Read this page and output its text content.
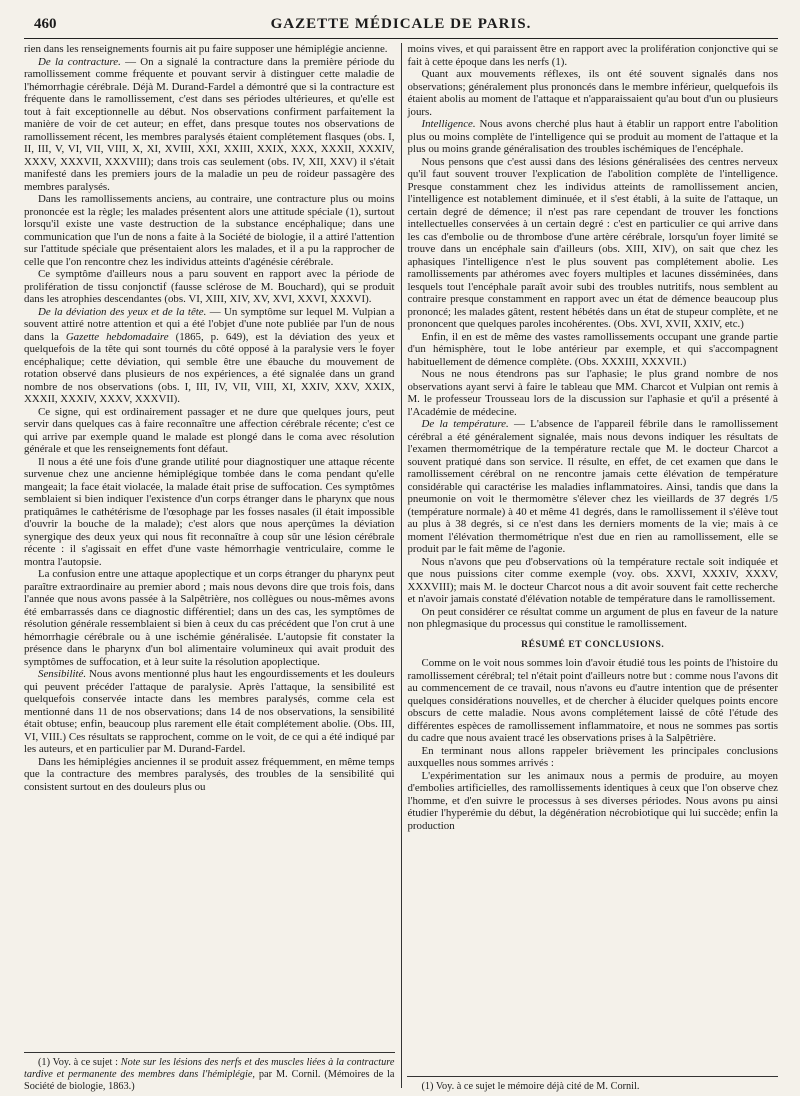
460	GAZETTE MÉDICALE DE PARIS.

rien dans les renseignements fournis ait pu faire supposer une hémiplégie ancienne.

De la contracture. — On a signalé la contracture dans la première période du ramollissement comme fréquente et pouvant servir à distinguer cette maladie de l'hémorrhagie cérébrale. Déjà M. Durand-Fardel a démontré que si la contracture est fréquente dans le ramollissement, c'est dans ses périodes ultérieures, et qu'elle est tout à fait exceptionnelle au début. Nos observations confirment parfaitement la manière de voir de cet auteur; en effet, dans presque toutes nos observations de ramollissement récent, les membres paralysés étaient complétement flasques (obs. I, II, III, V, VI, VII, VIII, X, XI, XVIII, XXI, XXIII, XXIX, XXX, XXXII, XXXIV, XXXV, XXXVII, XXXVIII); dans trois cas seulement (obs. IV, XII, XXV) il s'était manifesté dans les premiers jours de la maladie un peu de roideur passagère des membres paralysés.

Dans les ramollissements anciens, au contraire, une contracture plus ou moins prononcée est la règle; les malades présentent alors une attitude spéciale (1), surtout lorsqu'il existe une vaste destruction de la substance encéphalique; dans une communication que l'un de nons a faite à la Société de biologie, il a attiré l'attention sur l'attitude spéciale que présentaient alors les malades, et il a pu la rapprocher de celle que l'on rencontre chez les individus atteints d'agénésie cérébrale.

Ce symptôme d'ailleurs nous a paru souvent en rapport avec la période de prolifération de tissu conjonctif (fausse sclérose de M. Bouchard), qui se produit dans les atrophies descendantes (obs. VI, XIII, XIV, XV, XVI, XXVI, XXXVI).

De la déviation des yeux et de la tête. — Un symptôme sur lequel M. Vulpian a souvent attiré notre attention et qui a été l'objet d'une note publiée par l'un de nous dans la Gazette hebdomadaire (1865, p. 649), est la déviation des yeux et quelquefois de la tête qui sont tournés du côté opposé à la paralysie vers le foyer encéphalique; cette déviation, qui semble être une ébauche du mouvement de rotation observé dans plusieurs de nos expériences, a été signalée dans un grand nombre de nos observations (obs. I, III, IV, VII, VIII, XI, XXIV, XXV, XXIX, XXXII, XXXIV, XXXV, XXXVII).

Ce signe, qui est ordinairement passager et ne dure que quelques jours, peut servir dans quelques cas à faire reconnaître une affection cérébrale récente; c'est ce qui arrive par exemple quand le malade est plongé dans le coma avec résolution générale et que les renseignements font défaut.

Il nous a été une fois d'une grande utilité pour diagnostiquer une attaque récente survenue chez une ancienne hémiplégique tombée dans le coma pendant qu'elle mangeait; la face était violacée, la malade était prise de suffocation. Ces symptômes semblaient si bien indiquer l'existence d'un corps étranger dans le pharynx que nous pratiquâmes le cathétérisme de l'œsophage par les fosses nasales (il était impossible d'ouvrir la bouche de la malade); c'est alors que nous aperçûmes la déviation synergique des deux yeux qui nous fit reconnaître à coup sûr une lésion cérébrale récente : il s'agissait en effet d'une vaste hémorrhagie ventriculaire, comme le montra l'autopsie.

La confusion entre une attaque apoplectique et un corps étranger du pharynx peut paraître extraordinaire au premier abord ; mais nous devons dire que trois fois, dans l'année que nous avons passée à la Salpêtrière, nos collègues ou nous-mêmes avons été embarrassés dans ce diagnostic différentiel; dans un des cas, les symptômes de résolution générale ressemblaient si bien à ceux du cas précédent que l'on crut à une hémorrhagie cérébrale ou à une ischémie généralisée. L'autopsie fit constater la présence dans le pharynx d'un bol alimentaire volumineux qui avait produit des symptômes de suffocation, et à leur suite la résolution apoplectique.

Sensibilité. Nous avons mentionné plus haut les engourdissements et les douleurs qui peuvent précéder l'attaque de paralysie. Après l'attaque, la sensibilité est quelquefois conservée intacte dans les membres paralysés, comme cela est mentionné dans 11 de nos observations; dans 14 de nos observations, la sensibilité était obtuse; enfin, beaucoup plus rarement elle était complétement abolie. (Obs. III, VI, VIII.) Ces résultats se rapprochent, comme on le voit, de ce qui a été indiqué par les auteurs, et en particulier par M. Durand-Fardel.

Dans les hémiplégies anciennes il se produit assez fréquemment, en même temps que la contracture des membres paralysés, des troubles de la sensibilité qui consistent surtout en des douleurs plus ou

(1) Voy. à ce sujet : Note sur les lésions des nerfs et des muscles liées à la contracture tardive et permanente des membres dans l'hémiplégie, par M. Cornil. (Mémoires de la Société de biologie, 1863.)

moins vives, et qui paraissent être en rapport avec la prolifération conjonctive qui se fait à cette époque dans les nerfs (1).

Quant aux mouvements réflexes, ils ont été souvent signalés dans nos observations; généralement plus prononcés dans le membre inférieur, quelquefois ils étaient abolis au moment de l'attaque et n'apparaissaient qu'au bout d'un ou plusieurs jours.

Intelligence. Nous avons cherché plus haut à établir un rapport entre l'abolition plus ou moins complète de l'intelligence qui se produit au moment de l'attaque et la plus ou moins grande généralisation des troubles ischémiques de l'encéphale.

Nous pensons que c'est aussi dans des lésions généralisées des centres nerveux qu'il faut souvent trouver l'explication de l'abolition complète de l'intelligence. Presque constamment chez les individus atteints de ramollissement ancien, l'intelligence est notablement diminuée, et il s'est établi, à la suite de l'attaque, un certain degré de démence; il n'est pas rare cependant de trouver les fonctions intellectuelles conservées à un certain degré : c'est en particulier ce qui arrive dans les cas d'embolie ou de thrombose d'une artère cérébrale, lorsqu'un foyer limité se trouve dans un encéphale sain d'ailleurs (obs. XIII, XIV), on sait que chez les aphasiques l'intelligence n'est le plus souvent pas complétement abolie. Les ramollissements par athéromes avec foyers multiples et lacunes disséminées, dans lesquels tout l'encéphale paraît avoir subi des troubles nutritifs, nous semblent au contraire presque constamment en rapport avec un état de démence beaucoup plus prononcé; les malades gâtent, restent hébétés dans un état de stupeur complète, et ne prononcent que quelques paroles incohérentes. (Obs. XVI, XVII, XXIV, etc.)

Enfin, il en est de même des vastes ramollissements occupant une grande partie d'un hémisphère, tout le lobe antérieur par exemple, et qui s'accompagnent habituellement de démence complète. (Obs. XXXIII, XXXVII.)

Nous ne nous étendrons pas sur l'aphasie; le plus grand nombre de nos observations ayant servi à faire le tableau que MM. Charcot et Vulpian ont remis à M. le professeur Trousseau lors de la discussion sur l'aphasie et qu'il a présenté à l'Académie de médecine.

De la température. — L'absence de l'appareil fébrile dans le ramollissement cérébral a été généralement signalée, mais nous devons indiquer les résultats de l'examen thermométrique de la température rectale que M. le docteur Charcot a souvent pratiqué dans son service. Il résulte, en effet, de cet examen que dans le ramollissement cérébral on ne rencontre jamais cette élévation de température considérable qui caractérise les maladies inflammatoires. Ainsi, tandis que dans la pneumonie on voit le thermomètre s'élever chez les vieillards de 37 degrés 1/5 (température normale) à 40 et même 41 degrés, dans le ramollissement il s'élève tout au plus à 38 degrés, si ce n'est dans les derniers moments de la vie; mais à ce moment l'élévation thermométrique n'est due en rien au ramollissement, elle se produit par le fait même de l'agonie.

Nous n'avons que peu d'observations où la température rectale soit indiquée et que nous puissions citer comme exemple (voy. obs. XXVI, XXXIV, XXXV, XXXVIII); mais M. le docteur Charcot nous a dit avoir souvent fait cette recherche et n'avoir jamais constaté d'élévation notable de température dans le ramollissement.

On peut considérer ce résultat comme un argument de plus en faveur de la nature non phlegmasique du processus qui constitue le ramollissement.

RÉSUMÉ ET CONCLUSIONS.

Comme on le voit nous sommes loin d'avoir étudié tous les points de l'histoire du ramollissement cérébral; tel n'était point d'ailleurs notre but : comme nous l'avons dit au commencement de ce travail, nous n'avons eu d'autre intention que de présenter quelques considérations nouvelles, et de chercher à élucider quelques points encore obscurs de cette maladie. Nous avons complétement laissé de côté l'étude des différentes espèces de ramollissement inflammatoire, et nous ne sommes pas sortis du cadre que nous avaient tracé les observations prises à la Salpêtrière.

En terminant nous allons rappeler brièvement les principales conclusions auxquelles nous sommes arrivés :

L'expérimentation sur les animaux nous a permis de produire, au moyen d'embolies artificielles, des ramollissements identiques à ceux que l'on observe chez l'homme, et d'en suivre le processus à ses diverses périodes. Nous avons pu ainsi étudier l'hyperémie du début, la dégénération nécrobiotique qui lui succède; enfin la production

(1) Voy. à ce sujet le mémoire déjà cité de M. Cornil.
